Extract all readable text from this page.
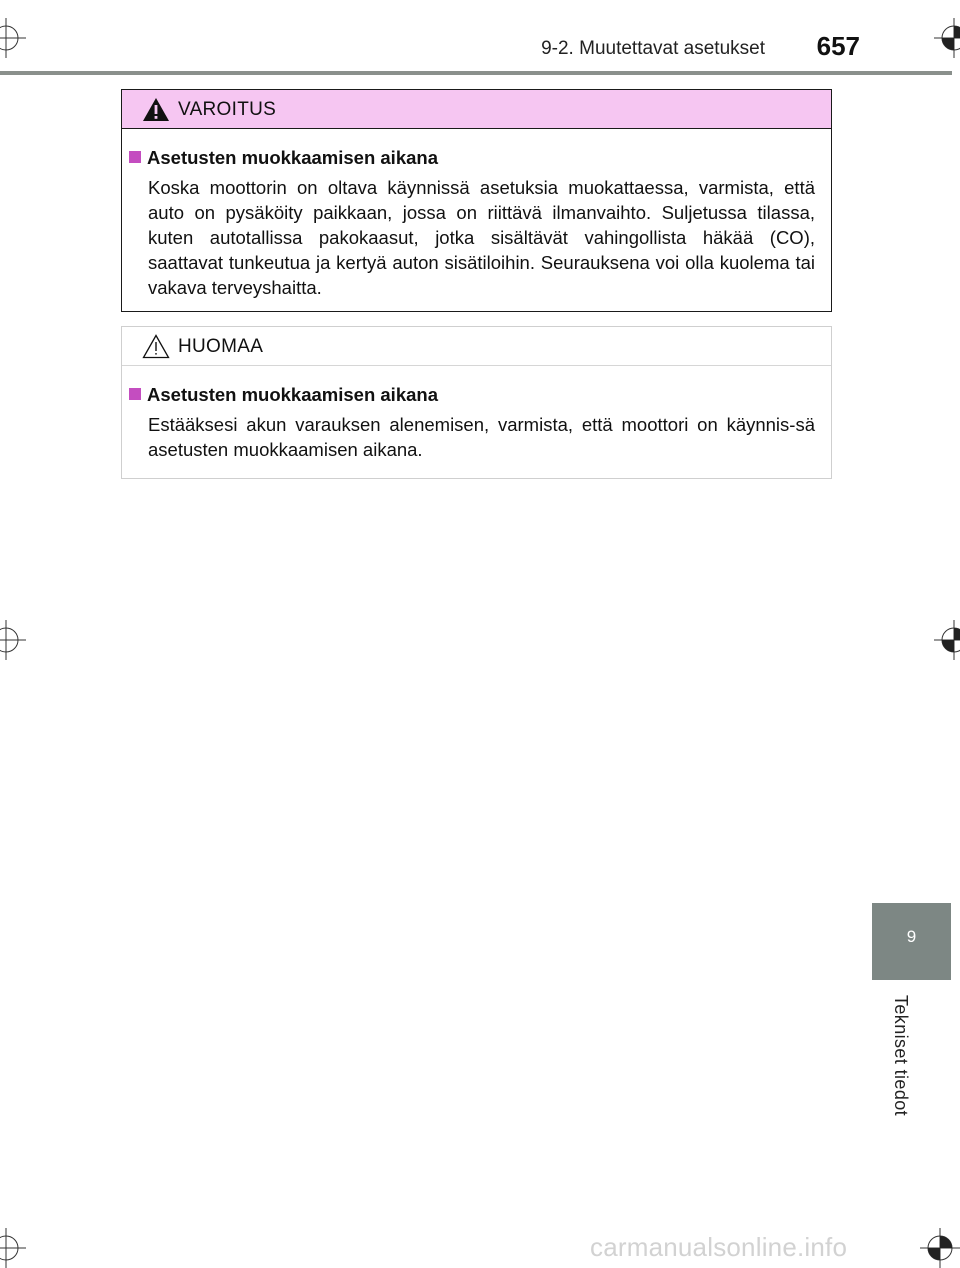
9-2. Muutettavat asetukset	657
VAROITUS
Asetusten muokkaamisen aikana
Koska moottorin on oltava käynnissä asetuksia muokattaessa, varmista, että auto on pysäköity paikkaan, jossa on riittävä ilmanvaihto. Suljetussa tilassa, kuten autotallissa pakokaasut, jotka sisältävät vahingollista häkää (CO), saattavat tunkeutua ja kertyä auton sisätiloihin. Seurauksena voi olla kuolema tai vakava terveyshaitta.
HUOMAA
Asetusten muokkaamisen aikana
Estääksesi akun varauksen alenemisen, varmista, että moottori on käynnis-sä asetusten muokkaamisen aikana.
9
Tekniset tiedot
carmanualsonline.info
